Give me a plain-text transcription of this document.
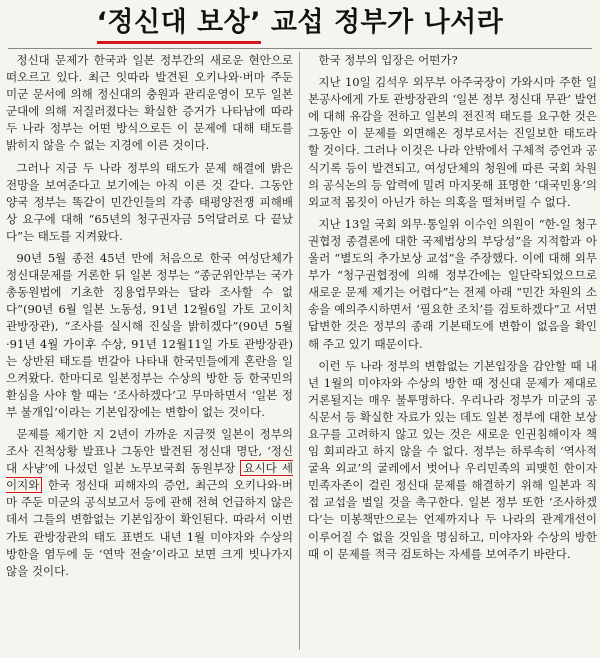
‘정신대 보상’ 교섭 정부가 나서라

정신대 문제가 한국과 일본 정부간의 새로운 현안으로 떠오르고 있다. 최근 잇따라 발견된 오키나와·버마 주둔 미군 문서에 의해 정신대의 충원과 관리운영이 모두 일본군대에 의해 저질러졌다는 확실한 증거가 나타남에 따라 두 나라 정부는 어떤 방식으로든 이 문제에 대해 태도를 밝히지 않을 수 없는 지경에 이른 것이다.

그러나 지금 두 나라 정부의 태도가 문제 해결에 밝은 전망을 보여준다고 보기에는 아직 이른 것 같다. 그동안 양국 정부는 똑같이 민간인들의 각종 태평양전쟁 피해배상 요구에 대해 “65년의 청구권자금 5억달러로 다 끝났다”는 태도를 지켜왔다.

90년 5월 종전 45년 만에 처음으로 한국 여성단체가 정신대문제를 거론한 뒤 일본 정부는 “종군위안부는 국가총동원법에 기초한 징용업무와는 달라 조사할 수 없다”(90년 6월 일본 노동성, 91년 12월6일 가토 고이치 관방장관), “조사를 실시해 진실을 밝히겠다”(90년 5월·91년 4월 가이후 수상, 91년 12월11일 가토 관방장관)는 상반된 태도를 번갈아 나타내 한국민들에게 혼란을 일으켜왔다. 한마디로 일본정부는 수상의 방한 등 한국민의 환심을 사야 할 때는 ‘조사하겠다’고 무마하면서 ‘일본 정부 불개입’이라는 기본입장에는 변함이 없는 것이다.

문제를 제기한 지 2년이 가까운 지금껏 일본이 정부의 조사 진척상황 발표나 그동안 발견된 정신대 명단, ‘정신대 사냥’에 나섰던 일본 노무보국회 동원부장 요시다 세이지와 한국 정신대 피해자의 증언, 최근의 오키나와·버마 주둔 미군의 공식보고서 등에 관해 전혀 언급하지 않은 데서 그들의 변함없는 기본입장이 확인된다. 따라서 이번 가토 관방장관의 태도 표변도 내년 1월 미야자와 수상의 방한을 염두에 둔 ‘연막 전술’이라고 보면 크게 빗나가지 않을 것이다.

한국 정부의 입장은 어떤가?

지난 10일 김석우 외무부 아주국장이 가와시마 주한 일본공사에게 가토 관방장관의 ‘일본 정부 정신대 무관’ 발언에 대해 유감을 전하고 일본의 전진적 태도를 요구한 것은 그동안 이 문제를 외면해온 정부로서는 진일보한 태도라 할 것이다. 그러나 이것은 나라 안밖에서 구체적 증언과 공식기록 등이 발견되고, 여성단체의 청원에 따른 국회 차원의 공식논의 등 압력에 밀려 마지못해 표명한 ‘대국민용’의 외교적 몸짓이 아닌가 하는 의혹을 떨쳐버릴 수 없다.

지난 13일 국회 외무·통일위 이수인 의원이 “한-일 청구권협정 종결론에 대한 국제법상의 부당성”을 지적함과 아울러 “별도의 추가보상 교섭”을 주장했다. 이에 대해 외무부가 “청구권협정에 의해 정부간에는 일단락되었으므로 새로운 문제 제기는 어렵다”는 전제 아래 “민간 차원의 소송을 예의주시하면서 ‘필요한 조치’를 검토하겠다”고 서면답변한 것은 정부의 종래 기본태도에 변함이 없음을 확인해 주고 있기 때문이다.

이런 두 나라 정부의 변함없는 기본입장을 감안할 때 내년 1월의 미야자와 수상의 방한 때 정신대 문제가 제대로 거론될지는 매우 불투명하다. 우리나라 정부가 미군의 공식문서 등 확실한 자료가 있는 데도 일본 정부에 대한 보상 요구를 고려하지 않고 있는 것은 새로운 인권침해이자 책임 회피라고 하지 않을 수 없다. 정부는 하루속히 ‘역사적 굴욕 외교’의 굴레에서 벗어나 우리민족의 피맺힌 한이자 민족자존이 걸린 정신대 문제를 해결하기 위해 일본과 직접 교섭을 벌일 것을 촉구한다. 일본 정부 또한 ‘조사하겠다’는 미봉책만으로는 언제까지나 두 나라의 관계개선이 이루어질 수 없을 것임을 명심하고, 미야자와 수상의 방한 때 이 문제를 적극 검토하는 자세를 보여주기 바란다.
